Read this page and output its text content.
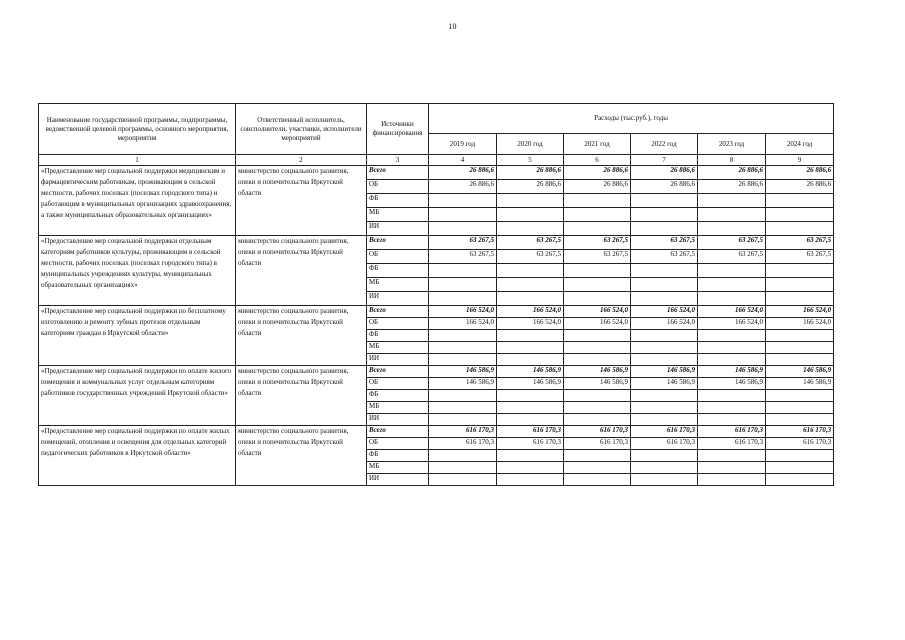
10
Наименование государственной программы, подпрограммы, ведомственной целевой программы, основного мероприятия, мероприятия	Ответственный исполнитель, соисполнители, участники, исполнители мероприятий	Источники финансирования	Расходы (тыс.руб.), годы					
			2019 год	2020 год	2021 год	2022 год	2023 год	2024 год
1	2	3	4	5	6	7	8	9
«Предоставление мер социальной поддержки медицинским и фармацевтическим работникам, проживающим в сельской местности, рабочих поселках (поселках городского типа) и работающим в муниципальных организациях здравоохранения, а также муниципальных образовательных организациях»	министерство социального развития, опеки и попечительства Иркутской области	Всего	26 886,6	26 886,6	26 886,6	26 886,6	26 886,6	26 886,6
		ОБ	26 886,6	26 886,6	26 886,6	26 886,6	26 886,6	26 886,6
		ФБ						
		МБ						
		ИИ						
«Предоставление мер социальной поддержки отдельным категориям работников культуры, проживающим в сельской местности, рабочих поселках (поселках городского типа) в муниципальных учреждениях культуры, муниципальных образовательных организациях»	министерство социального развития, опеки и попечительства Иркутской области	Всего	63 267,5	63 267,5	63 267,5	63 267,5	63 267,5	63 267,5
		ОБ	63 267,5	63 267,5	63 267,5	63 267,5	63 267,5	63 267,5
		ФБ						
		МБ						
		ИИ						
«Предоставление мер социальной поддержки по бесплатному изготовлению и ремонту зубных протезов отдельным категориям граждан в Иркутской области»	министерство социального развития, опеки и попечительства Иркутской области	Всего	166 524,0	166 524,0	166 524,0	166 524,0	166 524,0	166 524,0
		ОБ	166 524,0	166 524,0	166 524,0	166 524,0	166 524,0	166 524,0
		ФБ						
		МБ						
		ИИ						
«Предоставление мер социальной поддержки по оплате жилого помещения и коммунальных услуг отдельным категориям работников государственных учреждений Иркутской области»	министерство социального развития, опеки и попечительства Иркутской области	Всего	146 586,9	146 586,9	146 586,9	146 586,9	146 586,9	146 586,9
		ОБ	146 586,9	146 586,9	146 586,9	146 586,9	146 586,9	146 586,9
		ФБ						
		МБ						
		ИИ						
«Предоставление мер социальной поддержки по оплате жилых помещений, отопления и освещения для отдельных категорий педагогических работников в Иркутской области»	министерство социального развития, опеки и попечительства Иркутской области	Всего	616 170,3	616 170,3	616 170,3	616 170,3	616 170,3	616 170,3
		ОБ	616 170,3	616 170,3	616 170,3	616 170,3	616 170,3	616 170,3
		ФБ						
		МБ						
		ИИ						
